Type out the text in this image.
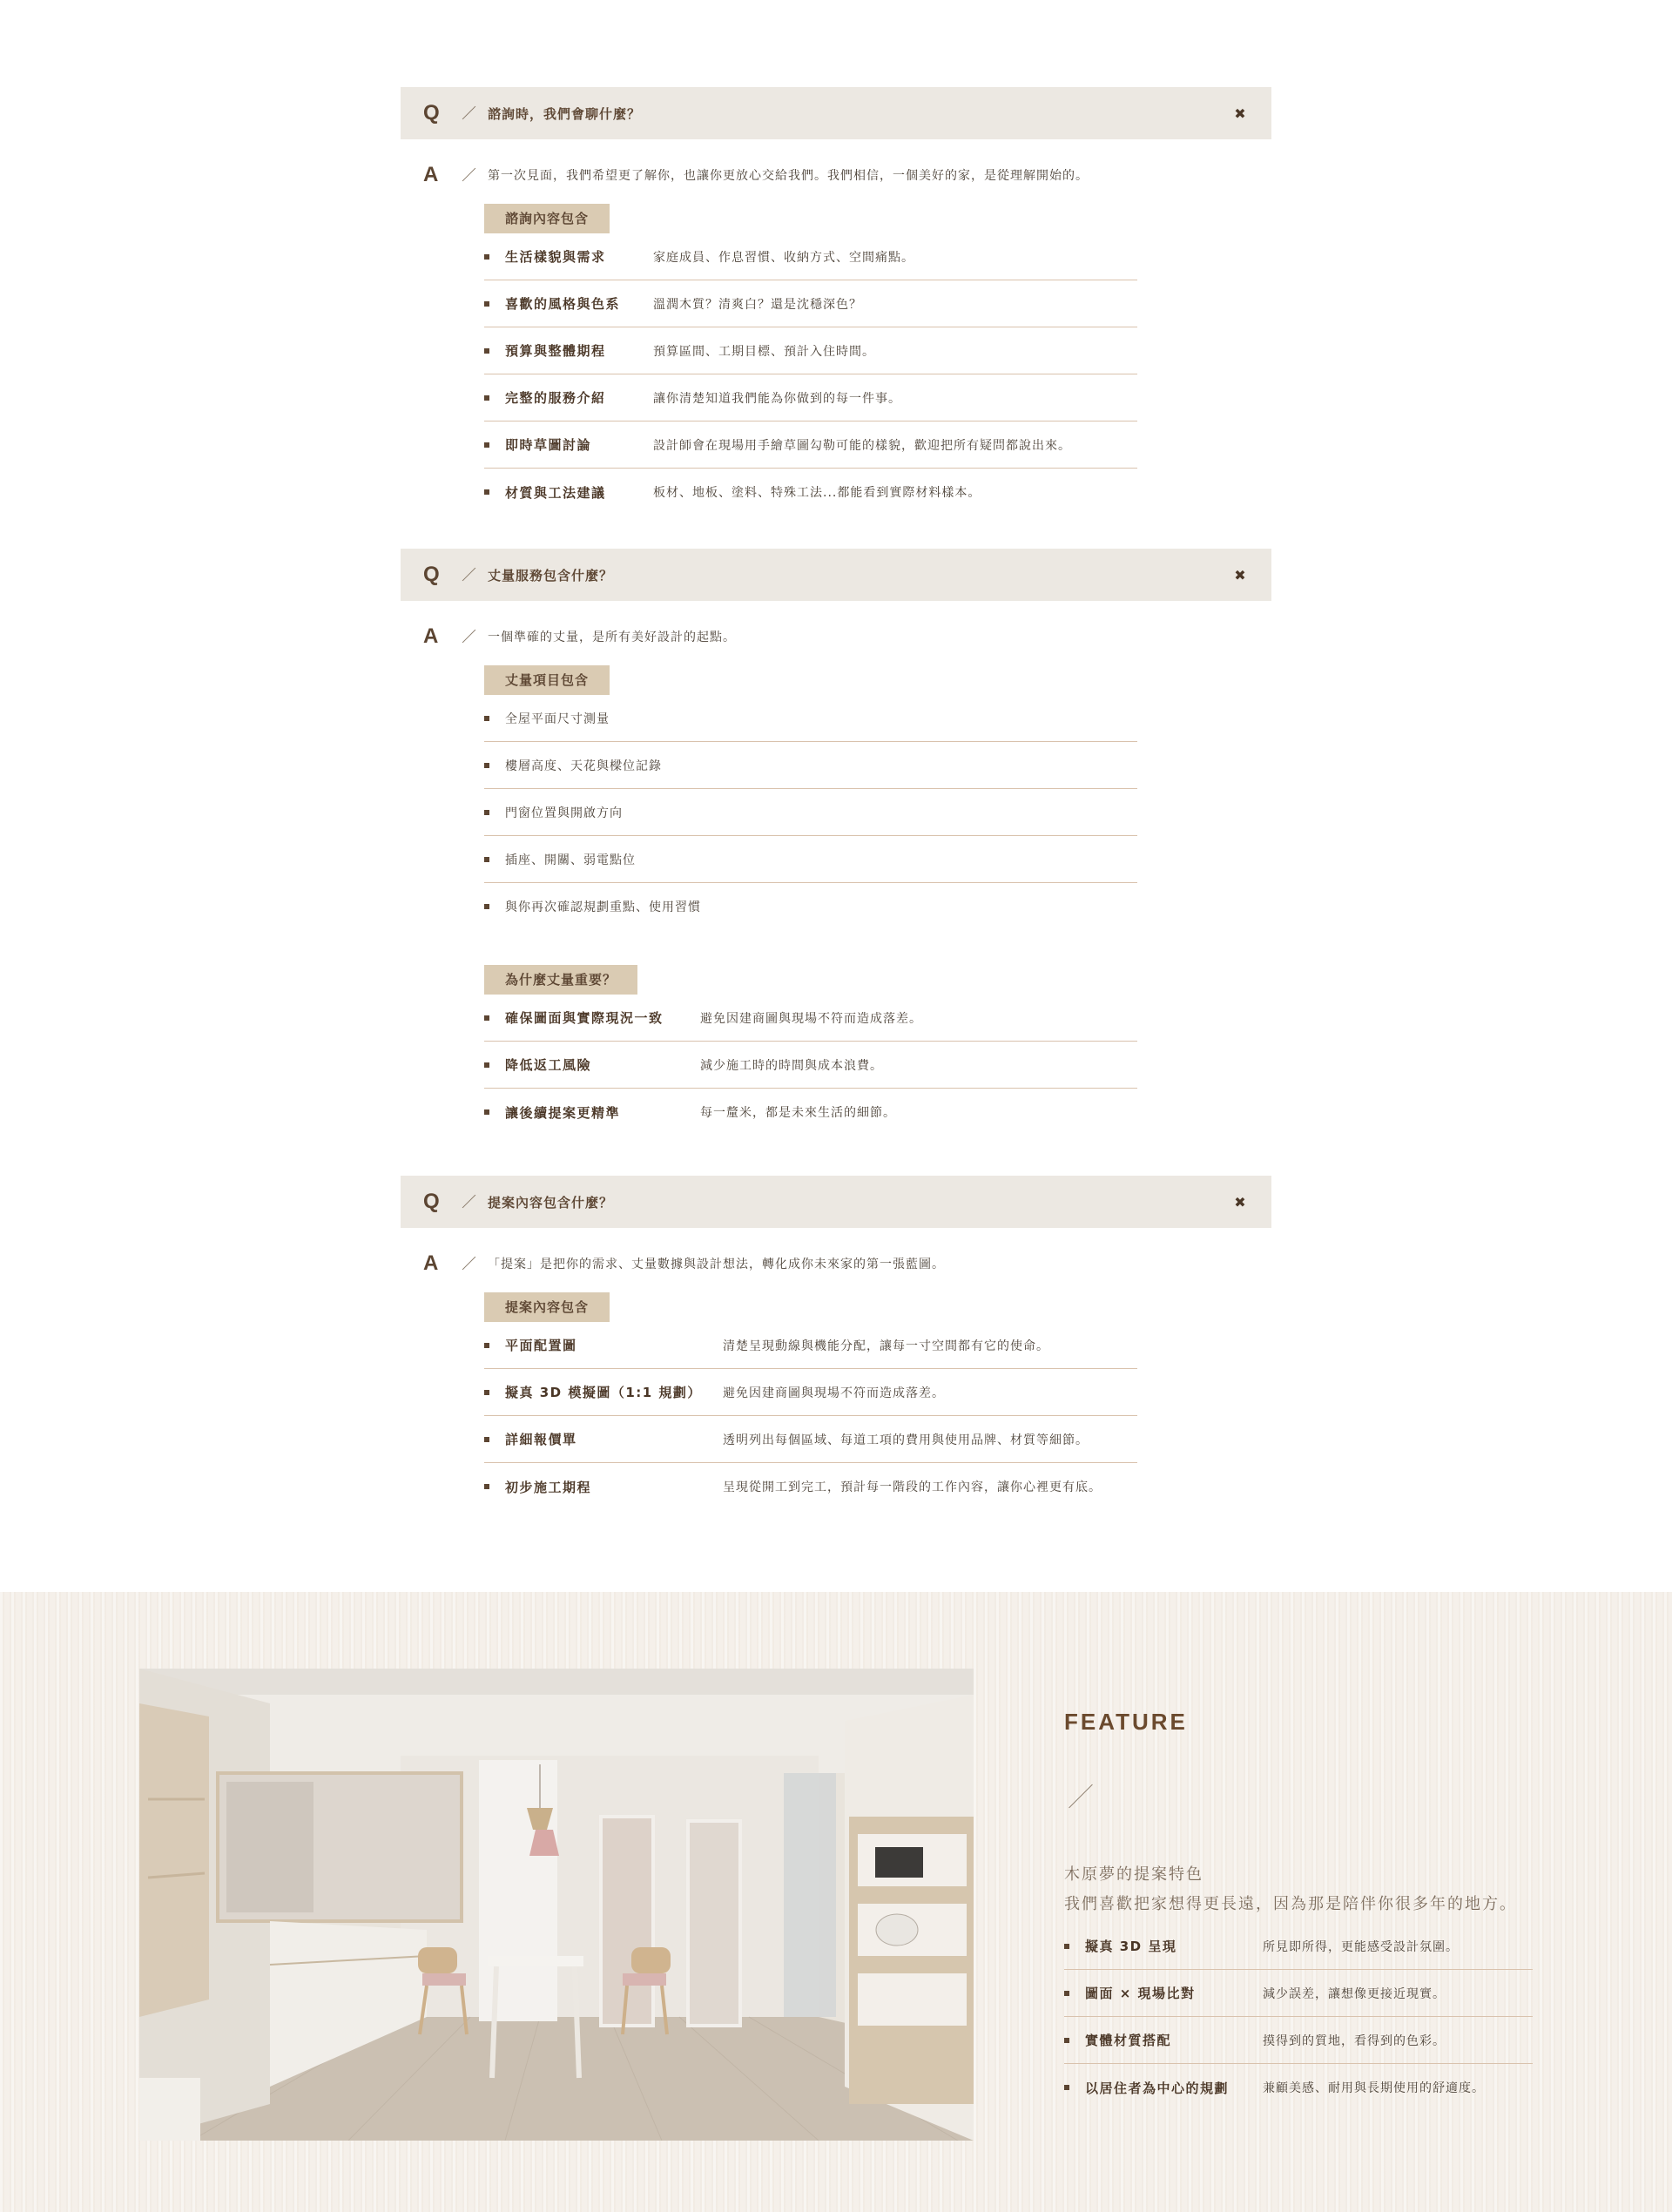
Q	諮詢時，我們會聊什麼？	✖
A	第一次見面，我們希望更了解你，也讓你更放心交給我們。我們相信，一個美好的家，是從理解開始的。
諮詢內容包含
生活樣貌與需求	家庭成員、作息習慣、收納方式、空間痛點。
喜歡的風格與色系	溫潤木質？清爽白？還是沈穩深色？
預算與整體期程	預算區間、工期目標、預計入住時間。
完整的服務介紹	讓你清楚知道我們能為你做到的每一件事。
即時草圖討論	設計師會在現場用手繪草圖勾勒可能的樣貌，歡迎把所有疑問都說出來。
材質與工法建議	板材、地板、塗料、特殊工法...都能看到實際材料樣本。
Q	丈量服務包含什麼？	✖
A	一個準確的丈量，是所有美好設計的起點。
丈量項目包含
全屋平面尺寸測量
樓層高度、天花與樑位記錄
門窗位置與開啟方向
插座、開關、弱電點位
與你再次確認規劃重點、使用習慣
為什麼丈量重要？
確保圖面與實際現況一致	避免因建商圖與現場不符而造成落差。
降低返工風險	減少施工時的時間與成本浪費。
讓後續提案更精準	每一釐米，都是未來生活的細節。
Q	提案內容包含什麼？	✖
A	「提案」是把你的需求、丈量數據與設計想法，轉化成你未來家的第一張藍圖。
提案內容包含
平面配置圖	清楚呈現動線與機能分配，讓每一寸空間都有它的使命。
擬真 3D 模擬圖（1:1 規劃）	避免因建商圖與現場不符而造成落差。
詳細報價單	透明列出每個區域、每道工項的費用與使用品牌、材質等細節。
初步施工期程	呈現從開工到完工，預計每一階段的工作內容，讓你心裡更有底。
FEATURE
木原夢的提案特色
我們喜歡把家想得更長遠，因為那是陪伴你很多年的地方。
擬真 3D 呈現	所見即所得，更能感受設計氛圍。
圖面 × 現場比對	減少誤差，讓想像更接近現實。
實體材質搭配	摸得到的質地，看得到的色彩。
以居住者為中心的規劃	兼顧美感、耐用與長期使用的舒適度。
